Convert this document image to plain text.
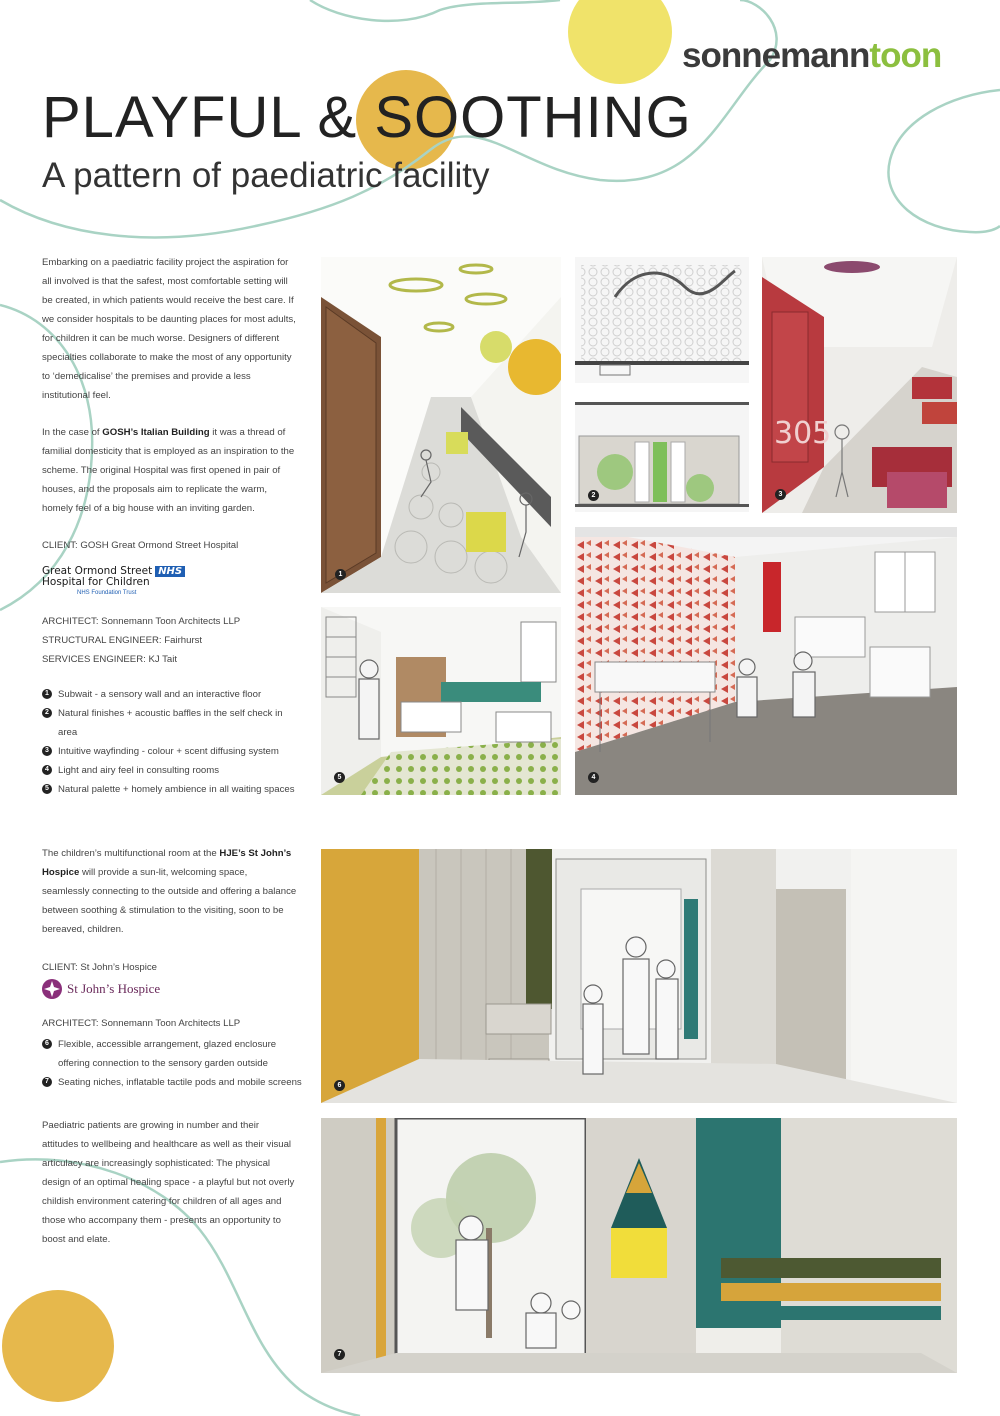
PLAYFUL & SOOTHING
A pattern of paediatric facility
sonnemanntoon
Embarking on a paediatric facility project the aspiration for all involved is that the safest, most comfortable setting will be created, in which patients would receive the best care. If we consider hospitals to be daunting places for most adults, for children it can be much worse. Designers of different specialties collaborate to make the most of any opportunity to ‘demedicalise’ the premises and provide a less institutional feel.
In the case of GOSH’s Italian Building it was a thread of familial domesticity that is employed as an inspiration to the scheme. The original Hospital was first opened in pair of houses, and the proposals aim to replicate the warm, homely feel of a big house with an inviting garden.
CLIENT: GOSH Great Ormond Street Hospital
Great Ormond Street NHS
Hospital for Children
NHS Foundation Trust
ARCHITECT: Sonnemann Toon Architects LLP
STRUCTURAL ENGINEER: Fairhurst
SERVICES ENGINEER: KJ Tait
1 Subwait - a sensory wall and an interactive floor
2 Natural finishes + acoustic baffles in the self check in area
3 Intuitive wayfinding - colour + scent diffusing system
4 Light and airy feel in consulting rooms
5 Natural palette + homely ambience in all waiting spaces
The children’s multifunctional room at the HJE’s St John’s Hospice will provide a sun-lit, welcoming space, seamlessly connecting to the outside and offering a balance between soothing & stimulation to the visiting, soon to be bereaved, children.
CLIENT: St John’s Hospice
St John’s Hospice
ARCHITECT: Sonnemann Toon Architects LLP
6 Flexible, accessible arrangement, glazed enclosure offering connection to the sensory garden outside
7 Seating niches, inflatable tactile pods and mobile screens
Paediatric patients are growing in number and their attitudes to wellbeing and healthcare as well as their visual articulacy are increasingly sophisticated: The physical design of an optimal healing space - a playful but not overly childish environment catering for children of all ages and those who accompany them - presents an opportunity to boost and elate.
1
2
305
3
4
5
6
7
